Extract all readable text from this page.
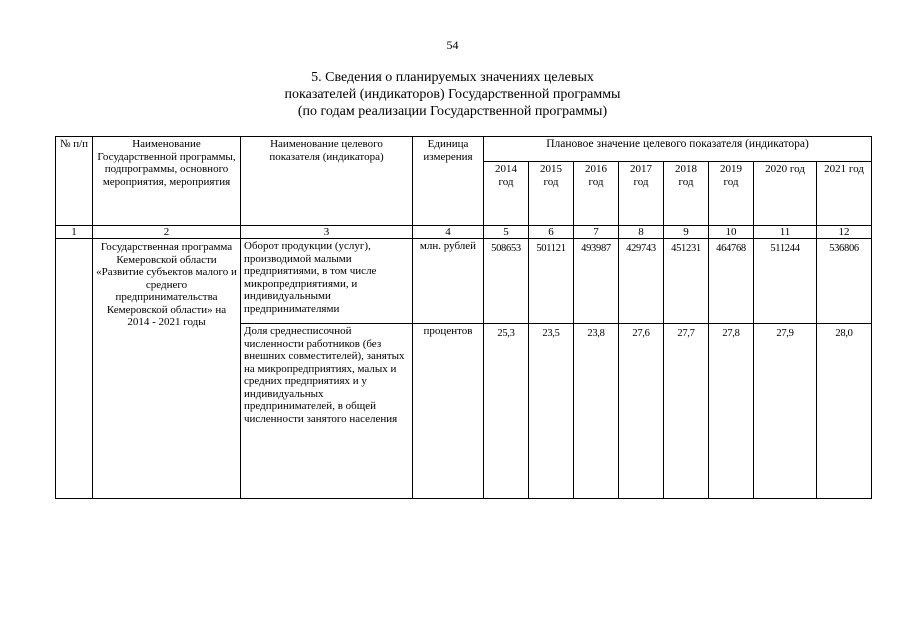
54
5. Сведения о планируемых значениях целевых
показателей (индикаторов) Государственной программы
(по годам реализации Государственной программы)
№ п/п	Наименование Государственной программы, подпрограммы, основного мероприятия, мероприятия	Наименование целевого показателя (индикатора)	Единица измерения	Плановое значение целевого показателя (индикатора)							
				2014 год	2015 год	2016 год	2017 год	2018 год	2019 год	2020 год	2021 год
1	2	3	4	5	6	7	8	9	10	11	12
	Государственная программа Кемеровской области «Развитие субъектов малого и среднего предпринимательства Кемеровской области» на 2014 - 2021 годы	Оборот продукции (услуг), производимой малыми предприятиями, в том числе микропредприятиями, и индивидуальными предпринимателями	млн. рублей	508653	501121	493987	429743	451231	464768	511244	536806
		Доля среднесписочной численности работников (без внешних совместителей), занятых на микропредприятиях, малых и средних предприятиях и у индивидуальных предпринимателей, в общей численности занятого населения	процентов	25,3	23,5	23,8	27,6	27,7	27,8	27,9	28,0
